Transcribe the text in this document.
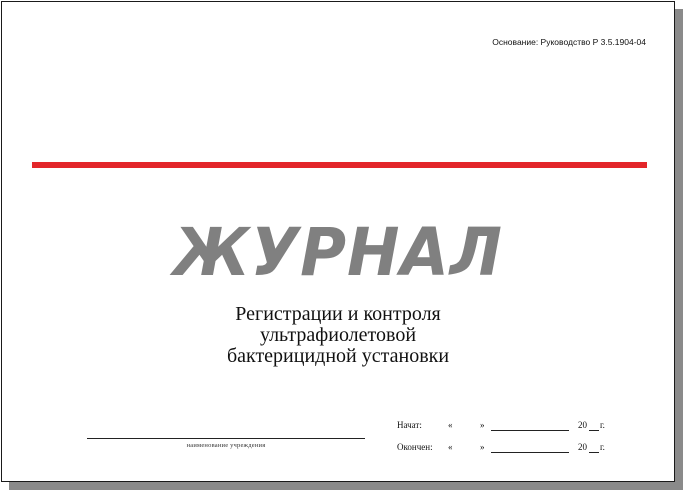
Основание: Руководство Р 3.5.1904-04
ЖУРНАЛ
Регистрации и контроля
ультрафиолетовой
бактерицидной установки
наименование учреждения
Начат:	«	»	20 г.
Окончен: «	»	20 г.
